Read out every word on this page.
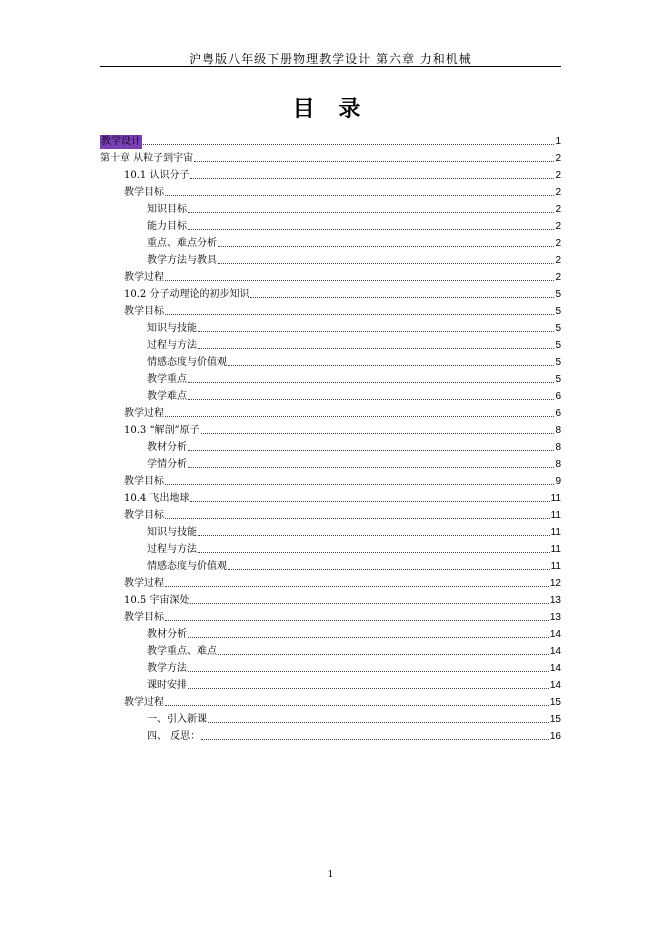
沪粤版八年级下册物理教学设计 第六章 力和机械
目 录
教学设计	1
第十章 从粒子到宇宙	2
10.1 认识分子	2
教学目标	2
知识目标	2
能力目标	2
重点、难点分析	2
教学方法与教具	2
教学过程	2
10.2 分子动理论的初步知识	5
教学目标	5
知识与技能	5
过程与方法	5
情感态度与价值观	5
教学重点	5
教学难点	6
教学过程	6
10.3 “解剖”原子	8
教材分析	8
学情分析	8
教学目标	9
10.4 飞出地球	11
教学目标	11
知识与技能	11
过程与方法	11
情感态度与价值观	11
教学过程	12
10.5 宇宙深处	13
教学目标	13
教材分析	14
教学重点、难点	14
教学方法	14
课时安排	14
教学过程	15
一、引入新课	15
四、 反思：	16
1
